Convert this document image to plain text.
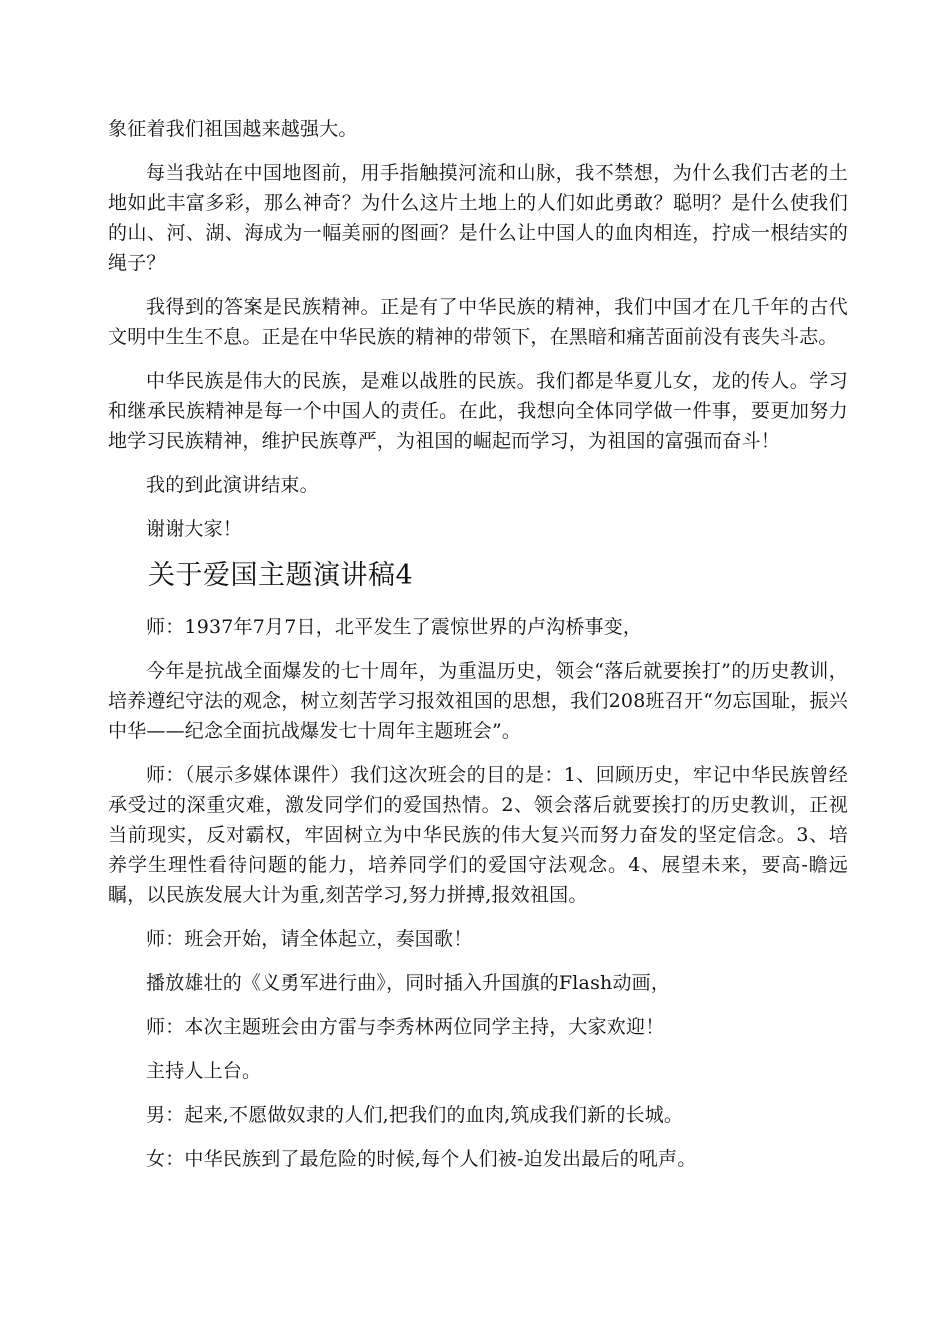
象征着我们祖国越来越强大。

每当我站在中国地图前，用手指触摸河流和山脉，我不禁想，为什么我们古老的土地如此丰富多彩，那么神奇？为什么这片土地上的人们如此勇敢？聪明？是什么使我们的山、河、湖、海成为一幅美丽的图画？是什么让中国人的血肉相连，拧成一根结实的绳子？

我得到的答案是民族精神。正是有了中华民族的精神，我们中国才在几千年的古代文明中生生不息。正是在中华民族的精神的带领下，在黑暗和痛苦面前没有丧失斗志。

中华民族是伟大的民族，是难以战胜的民族。我们都是华夏儿女，龙的传人。学习和继承民族精神是每一个中国人的责任。在此，我想向全体同学做一件事，要更加努力地学习民族精神，维护民族尊严，为祖国的崛起而学习，为祖国的富强而奋斗！

我的到此演讲结束。

谢谢大家！

关于爱国主题演讲稿4

师：1937年7月7日，北平发生了震惊世界的卢沟桥事变，

今年是抗战全面爆发的七十周年，为重温历史，领会“落后就要挨打”的历史教训，培养遵纪守法的观念，树立刻苦学习报效祖国的思想，我们208班召开“勿忘国耻，振兴中华——纪念全面抗战爆发七十周年主题班会”。

师：（展示多媒体课件）我们这次班会的目的是：1、回顾历史，牢记中华民族曾经承受过的深重灾难，激发同学们的爱国热情。2、领会落后就要挨打的历史教训，正视当前现实，反对霸权，牢固树立为中华民族的伟大复兴而努力奋发的坚定信念。3、培养学生理性看待问题的能力，培养同学们的爱国守法观念。4、展望未来，要高-瞻远瞩，以民族发展大计为重,刻苦学习,努力拼搏,报效祖国。

师：班会开始，请全体起立，奏国歌！

播放雄壮的《义勇军进行曲》，同时插入升国旗的Flash动画，

师：本次主题班会由方雷与李秀林两位同学主持，大家欢迎！

主持人上台。

男：起来,不愿做奴隶的人们,把我们的血肉,筑成我们新的长城。

女：中华民族到了最危险的时候,每个人们被-迫发出最后的吼声。
